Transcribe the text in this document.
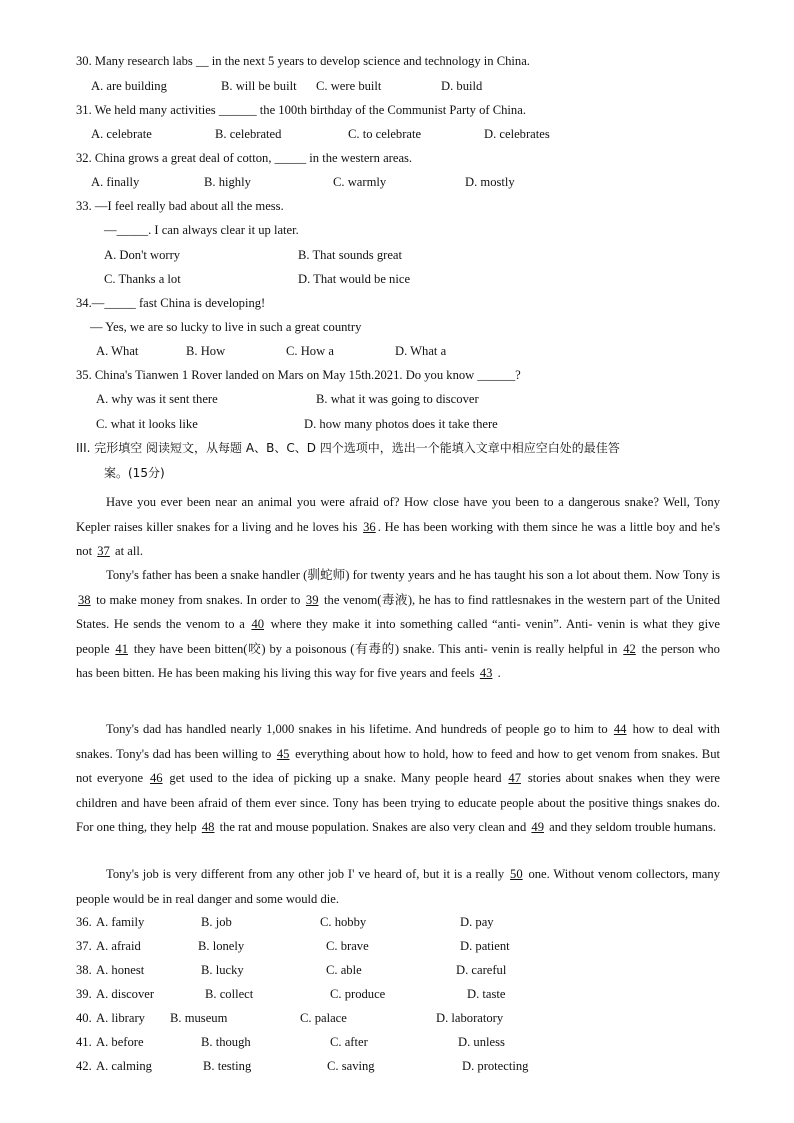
30. Many research labs __ in the next 5 years to develop science and technology in China.
A. are building	B. will be built C. were built	D. build
31. We held many activities ______ the 100th birthday of the Communist Party of China.
A. celebrate	B. celebrated	C. to celebrate	D. celebrates
32. China grows a great deal of cotton, _____ in the western areas.
A. finally	B. highly	C. warmly	D. mostly
33. —I feel really bad about all the mess.
—_____. I can always clear it up later.
A. Don't worry	B. That sounds great
C. Thanks a lot	D. That would be nice
34.—_____ fast China is developing!
— Yes, we are so lucky to live in such a great country
A. What	B. How	C. How a	D. What a
35. China's Tianwen 1 Rover landed on Mars on May 15th.2021. Do you know ______?
A. why was it sent there	B. what it was going to discover
C. what it looks like	D. how many photos does it take there
III. 完形填空 阅读短文，从每题 A、B、C、D 四个选项中，选出一个能填入文章中相应空白处的最佳答
案。(15分)

Have you ever been near an animal you were afraid of? How close have you been to a dangerous snake? Well, Tony Kepler raises killer snakes for a living and he loves his 36 . He has been working with them since he was a little boy and he's not 37 at all.

Tony's father has been a snake handler (驯蛇师) for twenty years and he has taught his son a lot about them. Now Tony is 38 to make money from snakes. In order to 39 the venom(毒液), he has to find rattlesnakes in the western part of the United States. He sends the venom to a 40 where they make it into something called “anti- venin”. Anti- venin is what they give people 41 they have been bitten(咬) by a poisonous (有毒的) snake. This anti- venin is really helpful in 42 the person who has been bitten. He has been making his living this way for five years and feels 43 .

Tony's dad has handled nearly 1,000 snakes in his lifetime. And hundreds of people go to him to 44 how to deal with snakes. Tony's dad has been willing to 45 everything about how to hold, how to feed and how to get venom from snakes. But not everyone 46 get used to the idea of picking up a snake. Many people heard 47 stories about snakes when they were children and have been afraid of them ever since. Tony has been trying to educate people about the positive things snakes do. For one thing, they help 48 the rat and mouse population. Snakes are also very clean and 49 and they seldom trouble humans.

Tony's job is very different from any other job I' ve heard of, but it is a really 50 one. Without venom collectors, many people would be in real danger and some would die.

36. A. family	B. job	C. hobby	D. pay
37. A. afraid	B. lonely	C. brave	D. patient
38. A. honest	B. lucky	C. able	D. careful
39. A. discover	B. collect	C. produce	D. taste
40. A. library B. museum	C. palace	D. laboratory
41. A. before	B. though	C. after	D. unless
42. A. calming	B. testing	C. saving	D. protecting
